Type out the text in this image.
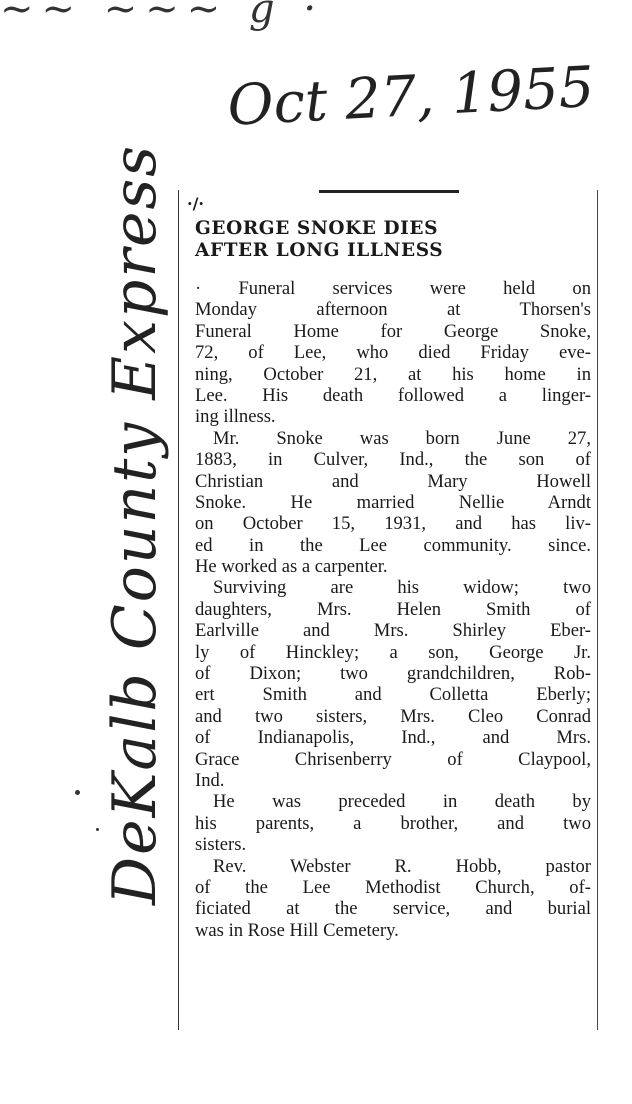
~~ ~~~ g ·
Oct 27, 1955
DeKalb County Express ·/·
GEORGE SNOKE DIES
AFTER LONG ILLNESS
· Funeral services were held on
Monday afternoon at Thorsen's
Funeral Home for George Snoke,
72, of Lee, who died Friday eve-
ning, October 21, at his home in
Lee. His death followed a linger-
ing illness.
Mr. Snoke was born June 27,
1883, in Culver, Ind., the son of
Christian and Mary Howell
Snoke. He married Nellie Arndt
on October 15, 1931, and has liv-
ed in the Lee community. since.
He worked as a carpenter.
Surviving are his widow; two
daughters, Mrs. Helen Smith of
Earlville and Mrs. Shirley Eber-
ly of Hinckley; a son, George Jr.
of Dixon; two grandchildren, Rob-
ert Smith and Colletta Eberly;
and two sisters, Mrs. Cleo Conrad
of Indianapolis, Ind., and Mrs.
Grace Chrisenberry of Claypool,
Ind.
He was preceded in death by
his parents, a brother, and two
sisters.
Rev. Webster R. Hobb, pastor
of the Lee Methodist Church, of-
ficiated at the service, and burial
was in Rose Hill Cemetery.
